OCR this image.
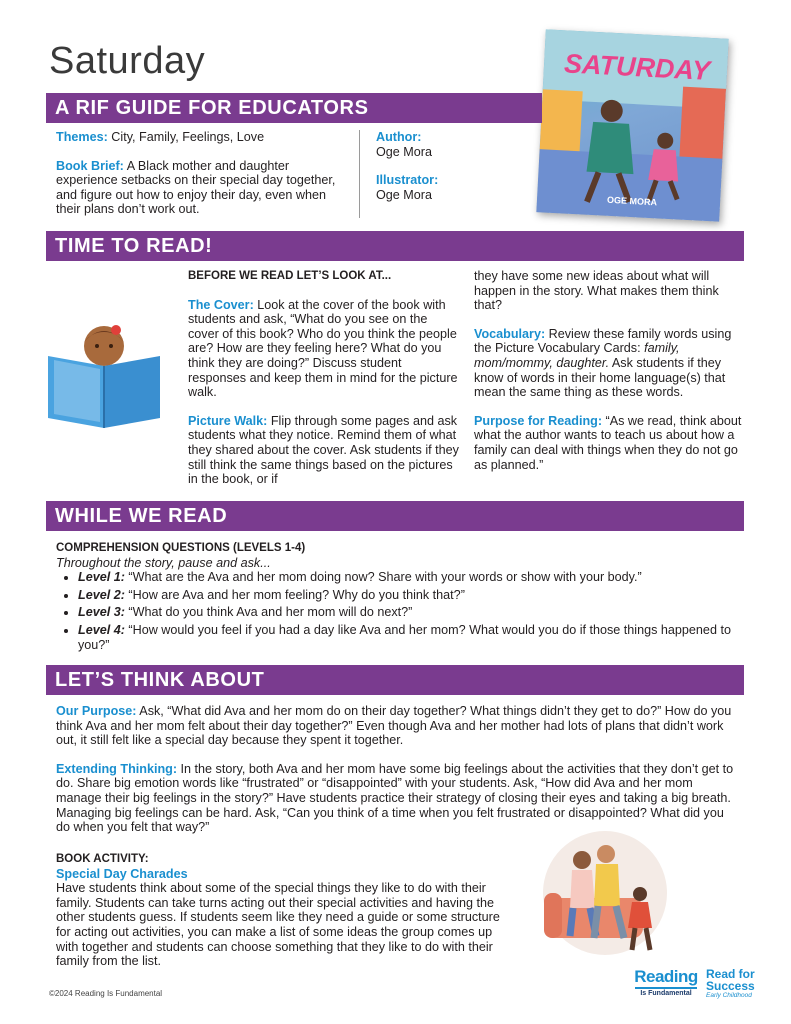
Saturday	SATURDAY
OGE MORA
A RIF GUIDE FOR EDUCATORS
Themes: City, Family, Feelings, Love
Book Brief: A Black mother and daughter experience setbacks on their special day together, and figure out how to enjoy their day, even when their plans don’t work out.
Author:
Oge Mora
Illustrator:
Oge Mora
TIME TO READ!
BEFORE WE READ LET’S LOOK AT...
The Cover: Look at the cover of the book with students and ask, “What do you see on the cover of this book? Who do you think the people are? How are they feeling here? What do you think they are doing?” Discuss student responses and keep them in mind for the picture walk.
Picture Walk: Flip through some pages and ask students what they notice. Remind them of what they shared about the cover. Ask students if they still think the same things based on the pictures in the book, or if
they have some new ideas about what will happen in the story. What makes them think that?
Vocabulary: Review these family words using the Picture Vocabulary Cards: family, mom/mommy, daughter. Ask students if they know of words in their home language(s) that mean the same thing as these words.
Purpose for Reading: “As we read, think about what the author wants to teach us about how a family can deal with things when they do not go as planned.”
WHILE WE READ
COMPREHENSION QUESTIONS (LEVELS 1-4)
Throughout the story, pause and ask...
• Level 1: “What are the Ava and her mom doing now? Share with your words or show with your body.”
• Level 2: “How are Ava and her mom feeling? Why do you think that?”
• Level 3: “What do you think Ava and her mom will do next?”
• Level 4: “How would you feel if you had a day like Ava and her mom? What would you do if those things happened to you?”
LET’S THINK ABOUT
Our Purpose: Ask, “What did Ava and her mom do on their day together? What things didn’t they get to do?” How do you think Ava and her mom felt about their day together?” Even though Ava and her mother had lots of plans that didn’t work out, it still felt like a special day because they spent it together.
Extending Thinking: In the story, both Ava and her mom have some big feelings about the activities that they don’t get to do. Share big emotion words like “frustrated” or “disappointed” with your students. Ask, “How did Ava and her mom manage their big feelings in the story?” Have students practice their strategy of closing their eyes and taking a big breath. Managing big feelings can be hard. Ask, “Can you think of a time when you felt frustrated or disappointed? What did you do when you felt that way?”
BOOK ACTIVITY:
Special Day Charades
Have students think about some of the special things they like to do with their family. Students can take turns acting out their special activities and having the other students guess. If students seem like they need a guide or some structure for acting out activities, you can make a list of some ideas the group comes up with together and students can choose something that they like to do with their family from the list.
©2024 Reading Is Fundamental
Reading
Is Fundamental
Read for
Success
Early Childhood
